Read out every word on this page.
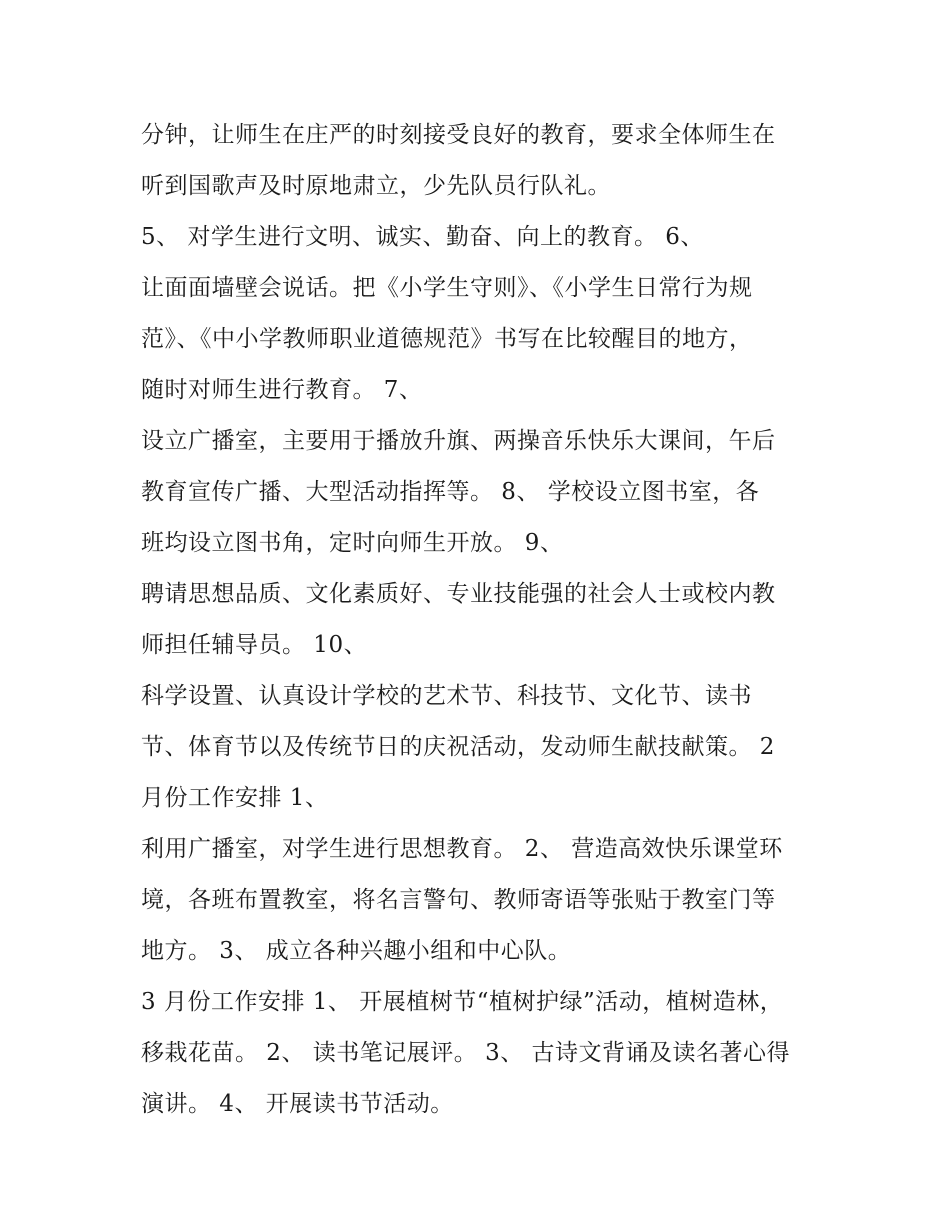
分钟，让师生在庄严的时刻接受良好的教育，要求全体师生在
听到国歌声及时原地肃立，少先队员行队礼。
5、 对学生进行文明、诚实、勤奋、向上的教育。 6、
让面面墙壁会说话。把《小学生守则》、《小学生日常行为规
范》、《中小学教师职业道德规范》书写在比较醒目的地方，
随时对师生进行教育。 7、
设立广播室，主要用于播放升旗、两操音乐快乐大课间，午后
教育宣传广播、大型活动指挥等。 8、 学校设立图书室，各
班均设立图书角，定时向师生开放。 9、
聘请思想品质、文化素质好、专业技能强的社会人士或校内教
师担任辅导员。 10、
科学设置、认真设计学校的艺术节、科技节、文化节、读书
节、体育节以及传统节日的庆祝活动，发动师生献技献策。 2
月份工作安排 1、
利用广播室，对学生进行思想教育。 2、 营造高效快乐课堂环
境，各班布置教室，将名言警句、教师寄语等张贴于教室门等
地方。 3、 成立各种兴趣小组和中心队。
3 月份工作安排 1、 开展植树节“植树护绿”活动，植树造林，
移栽花苗。 2、 读书笔记展评。 3、 古诗文背诵及读名著心得
演讲。 4、 开展读书节活动。
